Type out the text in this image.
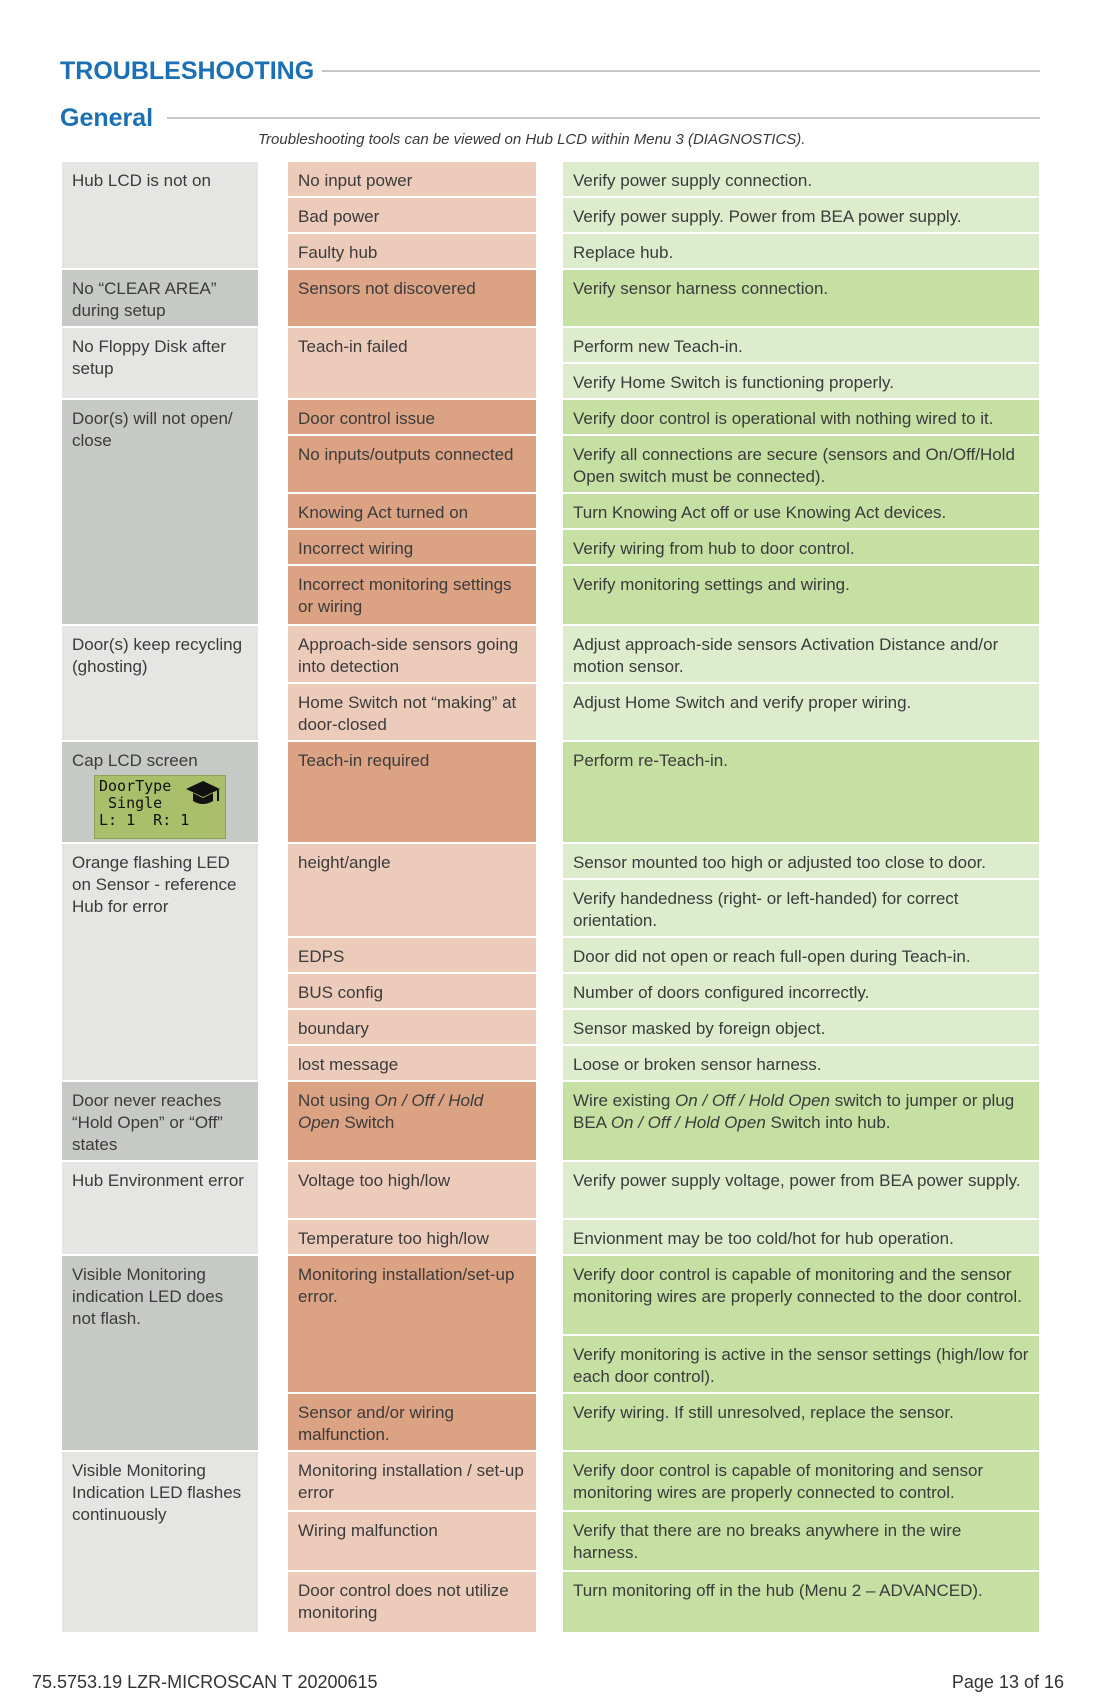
TROUBLESHOOTING
General
Troubleshooting tools can be viewed on Hub LCD within Menu 3 (DIAGNOSTICS).
Hub LCD is not on
No “CLEAR AREA” during setup
No Floppy Disk after setup
Door(s) will not open/ close
Door(s) keep recycling (ghosting)
Cap LCD screen
DoorType
Single
L: 1  R: 1
Orange flashing LED on Sensor - reference Hub for error
Door never reaches “Hold Open” or “Off” states
Hub Environment error
Visible Monitoring indication LED does not flash.
Visible Monitoring Indication LED flashes continuously
No input power
Bad power
Faulty hub
Sensors not discovered
Teach-in failed
Door control issue
No inputs/outputs connected
Knowing Act turned on
Incorrect wiring
Incorrect monitoring settings or wiring
Approach-side sensors going into detection
Home Switch not “making” at door-closed
Teach-in required
height/angle
EDPS
BUS config
boundary
lost message
Not using On / Off / Hold Open Switch
Voltage too high/low
Temperature too high/low
Monitoring installation/set-up error.
Sensor and/or wiring malfunction.
Monitoring installation / set-up error
Wiring malfunction
Door control does not utilize monitoring
Verify power supply connection.
Verify power supply. Power from BEA power supply.
Replace hub.
Verify sensor harness connection.
Perform new Teach-in.
Verify Home Switch is functioning properly.
Verify door control is operational with nothing wired to it.
Verify all connections are secure (sensors and On/Off/Hold Open switch must be connected).
Turn Knowing Act off or use Knowing Act devices.
Verify wiring from hub to door control.
Verify monitoring settings and wiring.
Adjust approach-side sensors Activation Distance and/or motion sensor.
Adjust Home Switch and verify proper wiring.
Perform re-Teach-in.
Sensor mounted too high or adjusted too close to door.
Verify handedness (right- or left-handed) for correct orientation.
Door did not open or reach full-open during Teach-in.
Number of doors configured incorrectly.
Sensor masked by foreign object.
Loose or broken sensor harness.
Wire existing On / Off / Hold Open switch to jumper or plug BEA On / Off / Hold Open Switch into hub.
Verify power supply voltage, power from BEA power supply.
Envionment may be too cold/hot for hub operation.
Verify door control is capable of monitoring and the sensor monitoring wires are properly connected to the door control.
Verify monitoring is active in the sensor settings (high/low for each door control).
Verify wiring. If still unresolved, replace the sensor.
Verify door control is capable of monitoring and sensor monitoring wires are properly connected to control.
Verify that there are no breaks anywhere in the wire harness.
Turn monitoring off in the hub (Menu 2 – ADVANCED).
75.5753.19 LZR-MICROSCAN T 20200615	Page 13 of 16
